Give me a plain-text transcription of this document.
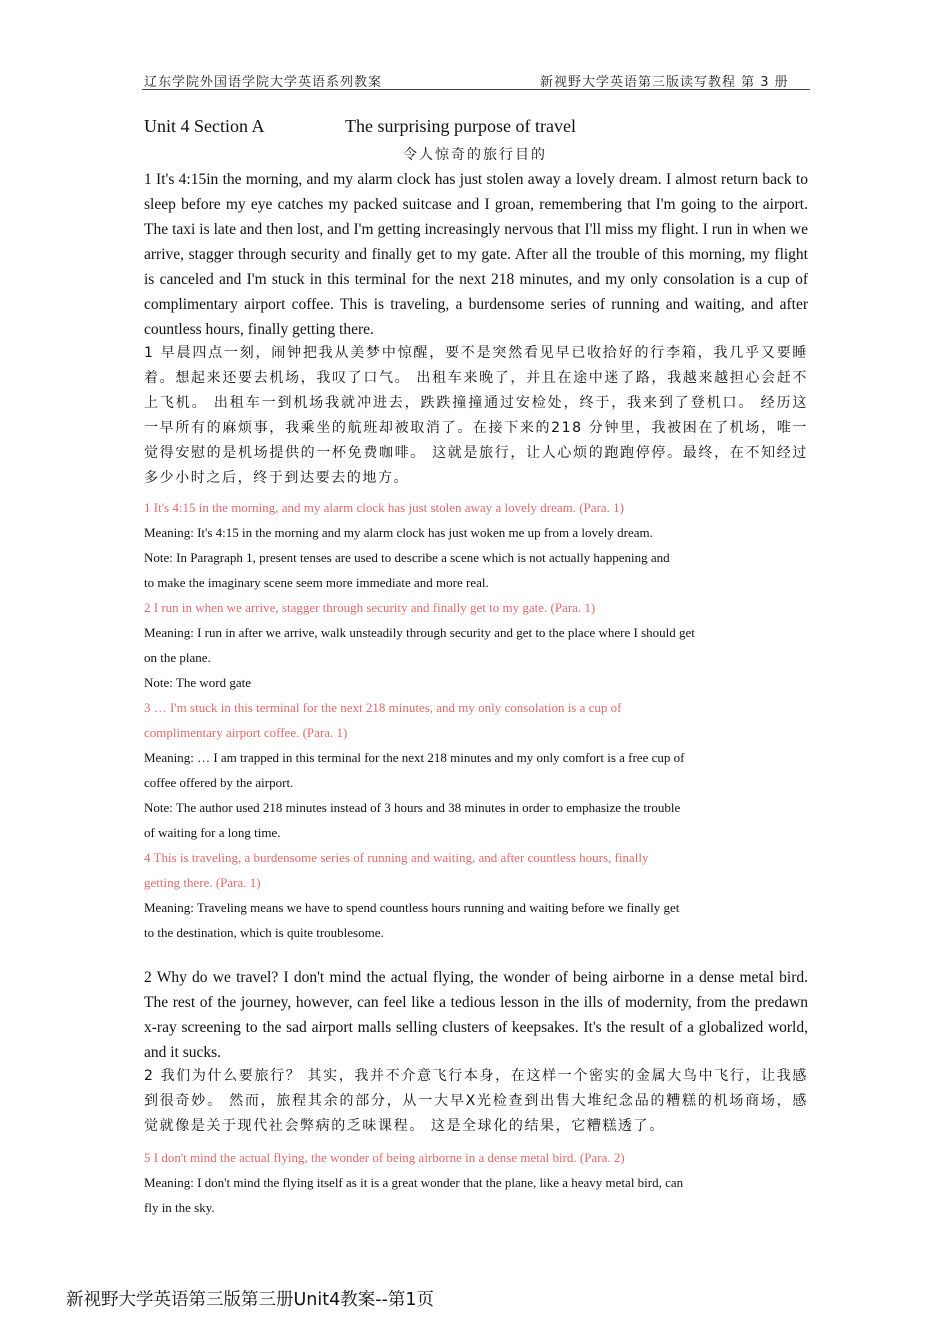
辽东学院外国语学院大学英语系列教案	新视野大学英语第三版读写教程 第 3 册
Unit 4 Section A	The surprising purpose of travel
令人惊奇的旅行目的
1 It's 4:15in the morning, and my alarm clock has just stolen away a lovely dream. I almost return back to sleep before my eye catches my packed suitcase and I groan, remembering that I'm going to the airport. The taxi is late and then lost, and I'm getting increasingly nervous that I'll miss my flight. I run in when we arrive, stagger through security and finally get to my gate. After all the trouble of this morning, my flight is canceled and I'm stuck in this terminal for the next 218 minutes, and my only consolation is a cup of complimentary airport coffee. This is traveling, a burdensome series of running and waiting, and after countless hours, finally getting there.
1 早晨四点一刻，闹钟把我从美梦中惊醒，要不是突然看见早已收拾好的行李箱，我几乎又要睡着。想起来还要去机场，我叹了口气。 出租车来晚了，并且在途中迷了路，我越来越担心会赶不上飞机。 出租车一到机场我就冲进去，跌跌撞撞通过安检处，终于，我来到了登机口。 经历这一早所有的麻烦事，我乘坐的航班却被取消了。在接下来的218 分钟里，我被困在了机场，唯一觉得安慰的是机场提供的一杯免费咖啡。 这就是旅行，让人心烦的跑跑停停。最终，在不知经过多少小时之后，终于到达要去的地方。
1 It's 4:15 in the morning, and my alarm clock has just stolen away a lovely dream. (Para. 1)
Meaning: It's 4:15 in the morning and my alarm clock has just woken me up from a lovely dream.
Note: In Paragraph 1, present tenses are used to describe a scene which is not actually happening and
to make the imaginary scene seem more immediate and more real.
2 I run in when we arrive, stagger through security and finally get to my gate. (Para. 1)
Meaning: I run in after we arrive, walk unsteadily through security and get to the place where I should get
on the plane.
Note: The word gate
3 … I'm stuck in this terminal for the next 218 minutes, and my only consolation is a cup of
complimentary airport coffee. (Para. 1)
Meaning: … I am trapped in this terminal for the next 218 minutes and my only comfort is a free cup of
coffee offered by the airport.
Note: The author used 218 minutes instead of 3 hours and 38 minutes in order to emphasize the trouble
of waiting for a long time.
4 This is traveling, a burdensome series of running and waiting, and after countless hours, finally
getting there. (Para. 1)
Meaning: Traveling means we have to spend countless hours running and waiting before we finally get
to the destination, which is quite troublesome.
2 Why do we travel? I don't mind the actual flying, the wonder of being airborne in a dense metal bird. The rest of the journey, however, can feel like a tedious lesson in the ills of modernity, from the predawn x-ray screening to the sad airport malls selling clusters of keepsakes. It's the result of a globalized world, and it sucks.
2 我们为什么要旅行？ 其实，我并不介意飞行本身，在这样一个密实的金属大鸟中飞行，让我感到很奇妙。 然而，旅程其余的部分，从一大早X光检查到出售大堆纪念品的糟糕的机场商场，感觉就像是关于现代社会弊病的乏味课程。 这是全球化的结果，它糟糕透了。
5 I don't mind the actual flying, the wonder of being airborne in a dense metal bird. (Para. 2)
Meaning: I don't mind the flying itself as it is a great wonder that the plane, like a heavy metal bird, can
fly in the sky.
新视野大学英语第三版第三册Unit4教案--第1页
